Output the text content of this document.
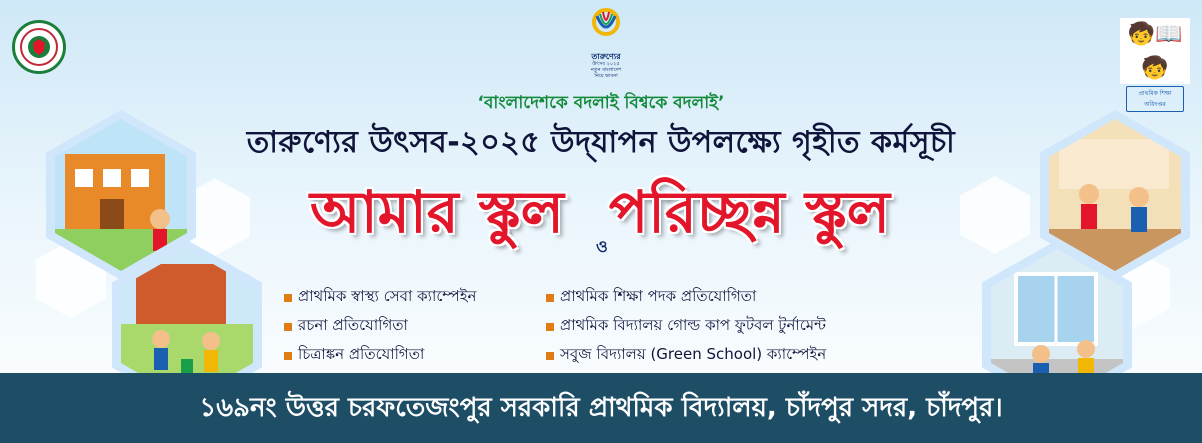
তারুণ্যের
উৎসব ২০২৫
নতুন বাংলাদেশ
নিয়ে ভাবনা
🧒📖🧒
প্রাথমিক শিক্ষা অধিদপ্তর
‘বাংলাদেশকে বদলাই বিশ্বকে বদলাই’
তারুণ্যের উৎসব-২০২৫ উদ্‌যাপন উপলক্ষ্যে গৃহীত কর্মসূচী
আমার স্কুল পরিচ্ছন্ন স্কুল
ও
প্রাথমিক স্বাস্থ্য সেবা ক্যাম্পেইন
রচনা প্রতিযোগিতা
চিত্রাঙ্কন প্রতিযোগিতা
প্রাথমিক শিক্ষা পদক প্রতিযোগিতা
প্রাথমিক বিদ্যালয় গোল্ড কাপ ফুটবল টুর্নামেন্ট
সবুজ বিদ্যালয় (Green School) ক্যাম্পেইন
১৬৯নং উত্তর চরফতেজংপুর সরকারি প্রাথমিক বিদ্যালয়, চাঁদপুর সদর, চাঁদপুর।
